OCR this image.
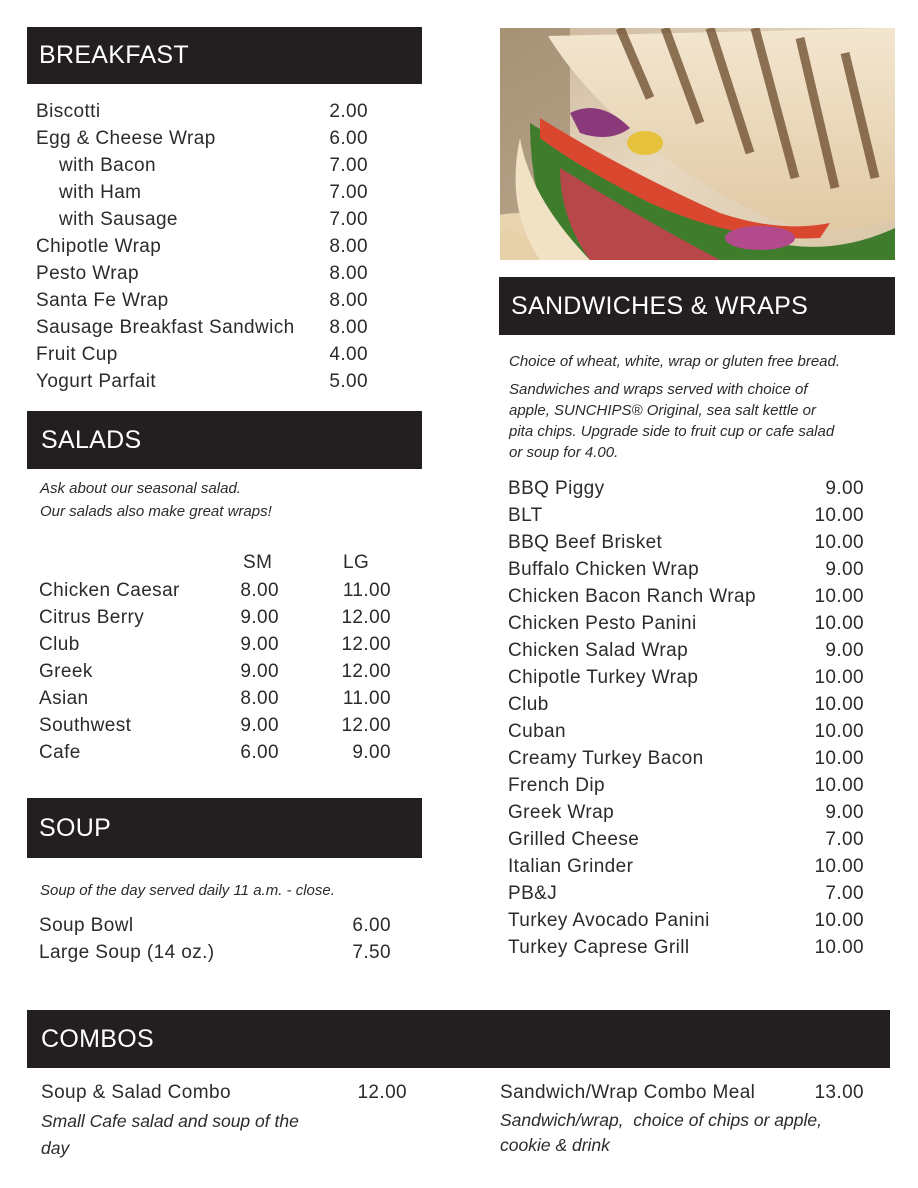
BREAKFAST
Biscotti	2.00
Egg & Cheese Wrap	6.00
with Bacon	7.00
with Ham	7.00
with Sausage	7.00
Chipotle Wrap	8.00
Pesto Wrap	8.00
Santa Fe Wrap	8.00
Sausage Breakfast Sandwich	8.00
Fruit Cup	4.00
Yogurt Parfait	5.00
SALADS
Ask about our seasonal salad.
Our salads also make great wraps!
SM	LG
Chicken Caesar	8.00	11.00
Citrus Berry	9.00	12.00
Club	9.00	12.00
Greek	9.00	12.00
Asian	8.00	11.00
Southwest	9.00	12.00
Cafe	6.00	9.00
SOUP
Soup of the day served daily 11 a.m. - close.
Soup Bowl	6.00
Large Soup (14 oz.)	7.50
SANDWICHES & WRAPS
Choice of wheat, white, wrap or gluten free bread.
Sandwiches and wraps served with choice of
apple, SUNCHIPS® Original, sea salt kettle or
pita chips. Upgrade side to fruit cup or cafe salad
or soup for 4.00.
BBQ Piggy	9.00
BLT	10.00
BBQ Beef Brisket	10.00
Buffalo Chicken Wrap	9.00
Chicken Bacon Ranch Wrap	10.00
Chicken Pesto Panini	10.00
Chicken Salad Wrap	9.00
Chipotle Turkey Wrap	10.00
Club	10.00
Cuban	10.00
Creamy Turkey Bacon	10.00
French Dip	10.00
Greek Wrap	9.00
Grilled Cheese	7.00
Italian Grinder	10.00
PB&J	7.00
Turkey Avocado Panini	10.00
Turkey Caprese Grill	10.00
COMBOS
Soup & Salad Combo	12.00
Small Cafe salad and soup of the
day
Sandwich/Wrap Combo Meal	13.00
Sandwich/wrap,  choice of chips or apple,
cookie & drink
